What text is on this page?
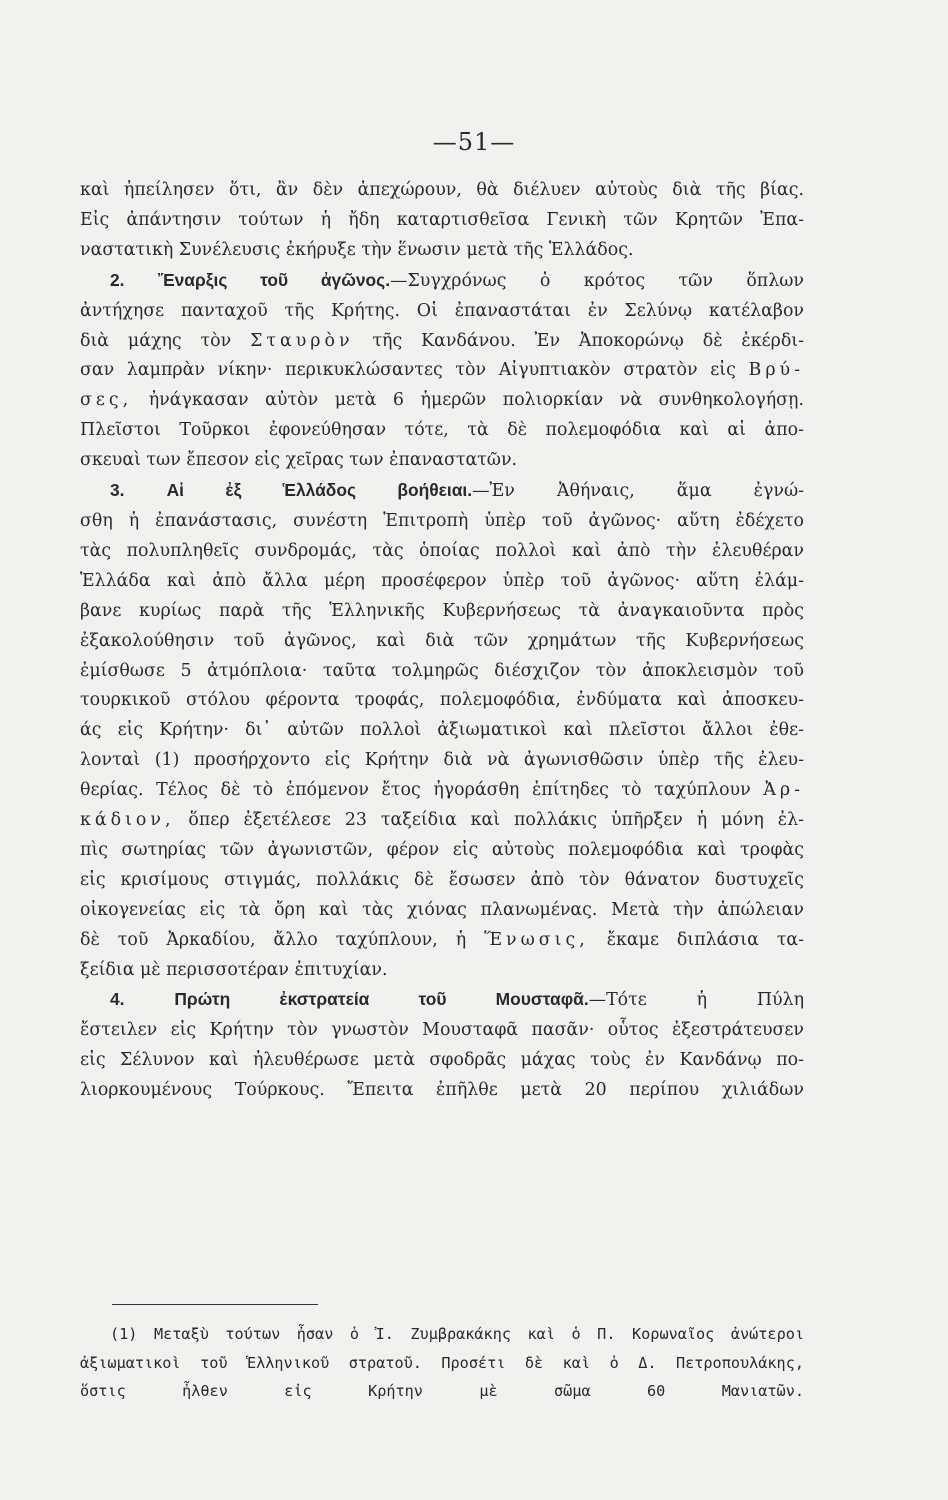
—51—
καὶ ἠπείλησεν ὅτι, ἂν δὲν ἀπεχώρουν, θὰ διέλυεν αὐτοὺς διὰ τῆς βίας.
Εἰς ἀπάντησιν τούτων ἡ ἤδη καταρτισθεῖσα Γενικὴ τῶν Κρητῶν Ἐπα-
ναστατικὴ Συνέλευσις ἐκήρυξε τὴν ἕνωσιν μετὰ τῆς Ἑλλάδος.
2. Ἔναρξις τοῦ ἀγῶνος.—Συγχρόνως ὁ κρότος τῶν ὅπλων
ἀντήχησε πανταχοῦ τῆς Κρήτης. Οἱ ἐπαναστάται ἐν Σελύνῳ κατέλαβον
διὰ μάχης τὸν Σταυρὸν τῆς Κανδάνου. Ἐν Ἀποκορώνῳ δὲ ἐκέρδι-
σαν λαμπρὰν νίκην· περικυκλώσαντες τὸν Αἰγυπτιακὸν στρατὸν εἰς Βρύ-
σες, ἠνάγκασαν αὐτὸν μετὰ 6 ἡμερῶν πολιορκίαν νὰ συνθηκολογήσῃ.
Πλεῖστοι Τοῦρκοι ἐφονεύθησαν τότε, τὰ δὲ πολεμοφόδια καὶ αἱ ἀπο-
σκευαὶ των ἔπεσον εἰς χεῖρας των ἐπαναστατῶν.
3. Αἱ ἐξ Ἑλλάδος βοήθειαι.—Ἐν Ἀθήναις, ἅμα ἐγνώ-
σθη ἡ ἐπανάστασις, συνέστη Ἐπιτροπὴ ὑπὲρ τοῦ ἀγῶνος· αὕτη ἐδέχετο
τὰς πολυπληθεῖς συνδρομάς, τὰς ὁποίας πολλοὶ καὶ ἀπὸ τὴν ἐλευθέραν
Ἑλλάδα καὶ ἀπὸ ἄλλα μέρη προσέφερον ὑπὲρ τοῦ ἀγῶνος· αὕτη ἐλάμ-
βανε κυρίως παρὰ τῆς Ἑλληνικῆς Κυβερνήσεως τὰ ἀναγκαιοῦντα πρὸς
ἐξακολούθησιν τοῦ ἀγῶνος, καὶ διὰ τῶν χρημάτων τῆς Κυβερνήσεως
ἐμίσθωσε 5 ἀτμόπλοια· ταῦτα τολμηρῶς διέσχιζον τὸν ἀποκλεισμὸν τοῦ
τουρκικοῦ στόλου φέροντα τροφάς, πολεμοφόδια, ἐνδύματα καὶ ἀποσκευ-
άς εἰς Κρήτην· δι᾽ αὐτῶν πολλοὶ ἀξιωματικοὶ καὶ πλεῖστοι ἄλλοι ἐθε-
λονταὶ (1) προσήρχοντο εἰς Κρήτην διὰ νὰ ἀγωνισθῶσιν ὑπὲρ τῆς ἐλευ-
θερίας. Τέλος δὲ τὸ ἑπόμενον ἔτος ἠγοράσθη ἐπίτηδες τὸ ταχύπλουν Ἀρ-
κάδιον, ὅπερ ἐξετέλεσε 23 ταξείδια καὶ πολλάκις ὑπῆρξεν ἡ μόνη ἐλ-
πὶς σωτηρίας τῶν ἀγωνιστῶν, φέρον εἰς αὐτοὺς πολεμοφόδια καὶ τροφὰς
εἰς κρισίμους στιγμάς, πολλάκις δὲ ἔσωσεν ἀπὸ τὸν θάνατον δυστυχεῖς
οἰκογενείας εἰς τὰ ὄρη καὶ τὰς χιόνας πλανωμένας. Μετὰ τὴν ἀπώλειαν
δὲ τοῦ Ἀρκαδίου, ἄλλο ταχύπλουν, ἡ Ἕνωσις, ἔκαμε διπλάσια τα-
ξείδια μὲ περισσοτέραν ἐπιτυχίαν.
4.	Πρώτη ἐκστρατεία τοῦ Μουσταφᾶ.—Τότε ἡ Πύλη
ἔστειλεν εἰς Κρήτην τὸν γνωστὸν Μουσταφᾶ πασᾶν· οὗτος ἐξεστράτευσεν
εἰς Σέλυνον καὶ ἠλευθέρωσε μετὰ σφοδρᾶς μάχας τοὺς ἐν Κανδάνῳ πο-
λιορκουμένους Τούρκους. Ἔπειτα ἐπῆλθε μετὰ 20 περίπου χιλιάδων
(1) Μεταξὺ τούτων ἦσαν ὁ Ἰ. Ζυμβρακάκης καὶ ὁ Π. Κορωναῖος ἀνώτεροι
ἀξιωματικοὶ τοῦ Ἑλληνικοῦ στρατοῦ. Προσέτι δὲ καὶ ὁ Δ. Πετροπουλάκης,
ὅστις ἦλθεν εἰς Κρήτην μὲ σῶμα 60 Μανιατῶν.
